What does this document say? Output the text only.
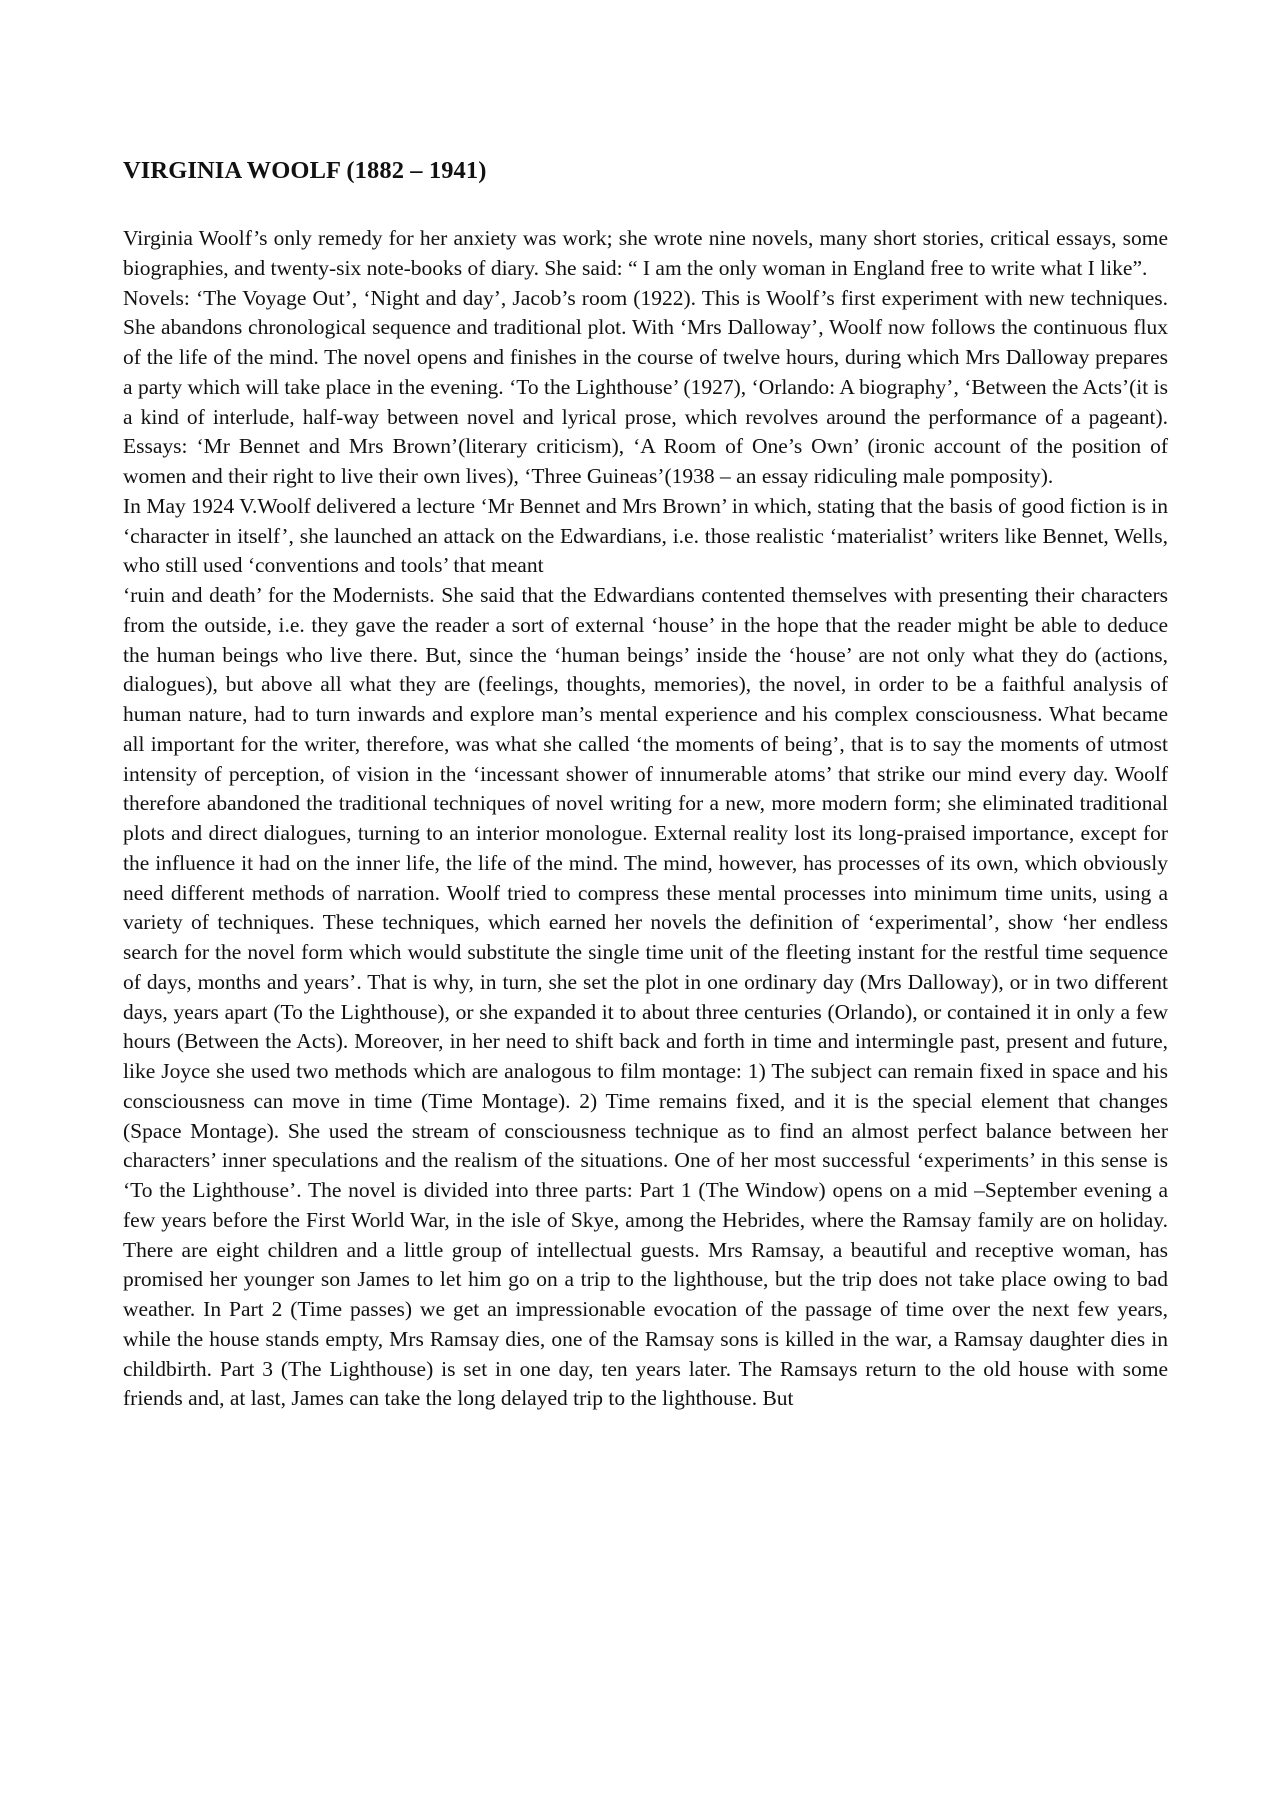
VIRGINIA WOOLF (1882 – 1941)

Virginia Woolf’s only remedy for her anxiety was work; she wrote nine novels, many short stories, critical essays, some biographies, and twenty-six note-books of diary. She said: “ I am the only woman in England free to write what I like”.

Novels: ‘The Voyage Out’, ‘Night and day’, Jacob’s room (1922). This is Woolf’s first experiment with new techniques. She abandons chronological sequence and traditional plot. With ‘Mrs Dalloway’, Woolf now follows the continuous flux of the life of the mind. The novel opens and finishes in the course of twelve hours, during which Mrs Dalloway prepares a party which will take place in the evening. ‘To the Lighthouse’ (1927), ‘Orlando: A biography’, ‘Between the Acts’(it is a kind of interlude, half-way between novel and lyrical prose, which revolves around the performance of a pageant). Essays: ‘Mr Bennet and Mrs Brown’(literary criticism), ‘A Room of One’s Own’ (ironic account of the position of women and their right to live their own lives), ‘Three Guineas’(1938 – an essay ridiculing male pomposity).

In May 1924 V.Woolf delivered a lecture ‘Mr Bennet and Mrs Brown’ in which, stating that the basis of good fiction is in ‘character in itself’, she launched an attack on the Edwardians, i.e. those realistic ‘materialist’ writers like Bennet, Wells, who still used ‘conventions and tools’ that meant

‘ruin and death’ for the Modernists. She said that the Edwardians contented themselves with presenting their characters from the outside, i.e. they gave the reader a sort of external ‘house’ in the hope that the reader might be able to deduce the human beings who live there. But, since the ‘human beings’ inside the ‘house’ are not only what they do (actions, dialogues), but above all what they are (feelings, thoughts, memories), the novel, in order to be a faithful analysis of human nature, had to turn inwards and explore man’s mental experience and his complex consciousness. What became all important for the writer, therefore, was what she called ‘the moments of being’, that is to say the moments of utmost intensity of perception, of vision in the ‘incessant shower of innumerable atoms’ that strike our mind every day. Woolf therefore abandoned the traditional techniques of novel writing for a new, more modern form; she eliminated traditional plots and direct dialogues, turning to an interior monologue. External reality lost its long-praised importance, except for the influence it had on the inner life, the life of the mind. The mind, however, has processes of its own, which obviously need different methods of narration. Woolf tried to compress these mental processes into minimum time units, using a variety of techniques. These techniques, which earned her novels the definition of ‘experimental’, show ‘her endless search for the novel form which would substitute the single time unit of the fleeting instant for the restful time sequence of days, months and years’. That is why, in turn, she set the plot in one ordinary day (Mrs Dalloway), or in two different days, years apart (To the Lighthouse), or she expanded it to about three centuries (Orlando), or contained it in only a few hours (Between the Acts). Moreover, in her need to shift back and forth in time and intermingle past, present and future, like Joyce she used two methods which are analogous to film montage: 1) The subject can remain fixed in space and his consciousness can move in time (Time Montage). 2) Time remains fixed, and it is the special element that changes (Space Montage). She used the stream of consciousness technique as to find an almost perfect balance between her characters’ inner speculations and the realism of the situations. One of her most successful ‘experiments’ in this sense is ‘To the Lighthouse’. The novel is divided into three parts: Part 1 (The Window) opens on a mid –September evening a few years before the First World War, in the isle of Skye, among the Hebrides, where the Ramsay family are on holiday. There are eight children and a little group of intellectual guests. Mrs Ramsay, a beautiful and receptive woman, has promised her younger son James to let him go on a trip to the lighthouse, but the trip does not take place owing to bad weather. In Part 2 (Time passes) we get an impressionable evocation of the passage of time over the next few years, while the house stands empty, Mrs Ramsay dies, one of the Ramsay sons is killed in the war, a Ramsay daughter dies in childbirth. Part 3 (The Lighthouse) is set in one day, ten years later. The Ramsays return to the old house with some friends and, at last, James can take the long delayed trip to the lighthouse. But
